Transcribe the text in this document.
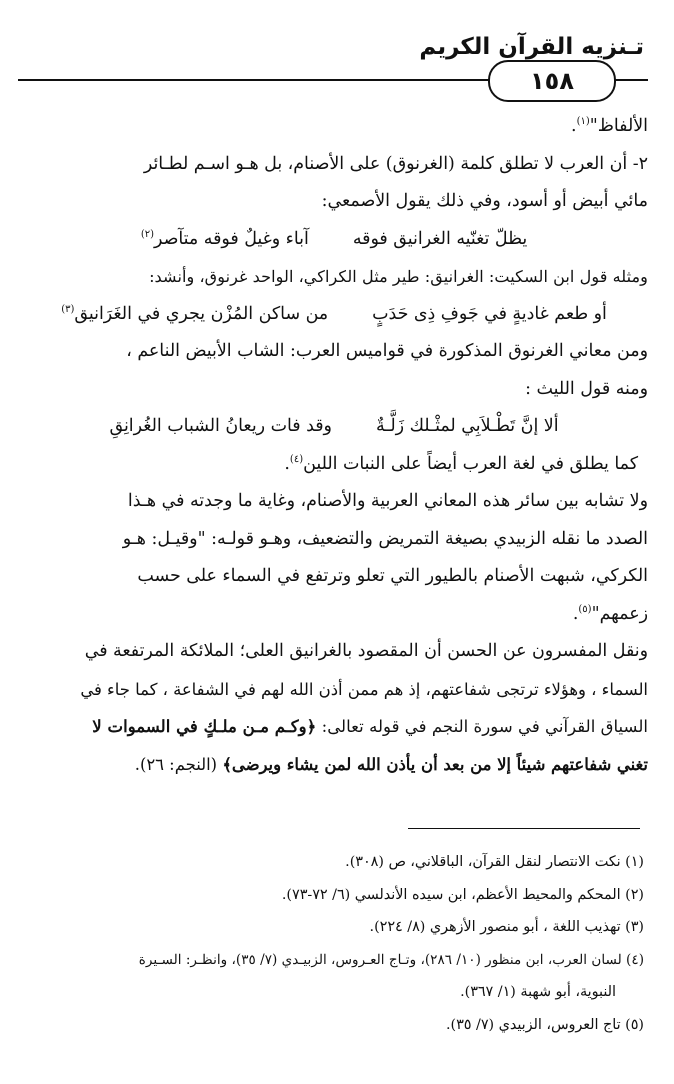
تـنزيه القرآن الكريم
١٥٨

الألفاظ"$^{(١)}$.

٢- أن العرب لا تطلق كلمة (الغرنوق) على الأصنام، بل هـو اسـم لطـائر

مائي أبيض أو أسود، وفي ذلك يقول الأصمعي:

يظلّ تغنّيه الغرانيق فوقه
آباء وغيلٌ فوقه متآصر$^{(٢)}$

ومثله قول ابن السكيت: الغرانيق: طير مثل الكراكي، الواحد غرنوق، وأنشد:

أو طعم غاديةٍ في جَوفِ ذِى حَدَبٍ
من ساكن المُزْن يجري في الغَرَانيق$^{(٣)}$

ومن معاني الغرنوق المذكورة في قواميس العرب: الشاب الأبيض الناعم ،

ومنه قول الليث :

ألا إنَّ تَطْـلاَبِي لمثْـلك زَلَّـةٌ
وقد فات ريعانُ الشباب الغُرانِقِ

كما يطلق في لغة العرب أيضاً على النبات اللين$^{(٤)}$.

ولا تشابه بين سائر هذه المعاني العربية والأصنام، وغاية ما وجدته في هـذا

الصدد ما نقله الزبيدي بصيغة التمريض والتضعيف، وهـو قولـه: "وقيـل: هـو

الكركي، شبهت الأصنام بالطيور التي تعلو وترتفع في السماء على حسب

زعمهم"$^{(٥)}$.

ونقل المفسرون عن الحسن أن المقصود بالغرانيق العلى؛ الملائكة المرتفعة في

السماء ، وهؤلاء ترتجى شفاعتهم، إذ هم ممن أذن الله لهم في الشفاعة ، كما جاء في

السياق القرآني في سورة النجم في قوله تعالى: ﴿وكـم مـن ملـكٍ في السموات لا

تغني شفاعتهم شيئاً إلا من بعد أن يأذن الله لمن يشاء ويرضى﴾ (النجم: ٢٦).

(١) نكت الانتصار لنقل القرآن، الباقلاني، ص (٣٠٨).

(٢) المحكم والمحيط الأعظم، ابن سيده الأندلسي (٦/ ٧٢-٧٣).

(٣) تهذيب اللغة ، أبو منصور الأزهري (٨/ ٢٢٤).

(٤) لسان العرب، ابن منظور (١٠/ ٢٨٦)، وتـاج العـروس، الزبيـدي (٧/ ٣٥)، وانظـر: السـيرة

النبوية، أبو شهبة (١/ ٣٦٧).

(٥) تاج العروس، الزبيدي (٧/ ٣٥).
